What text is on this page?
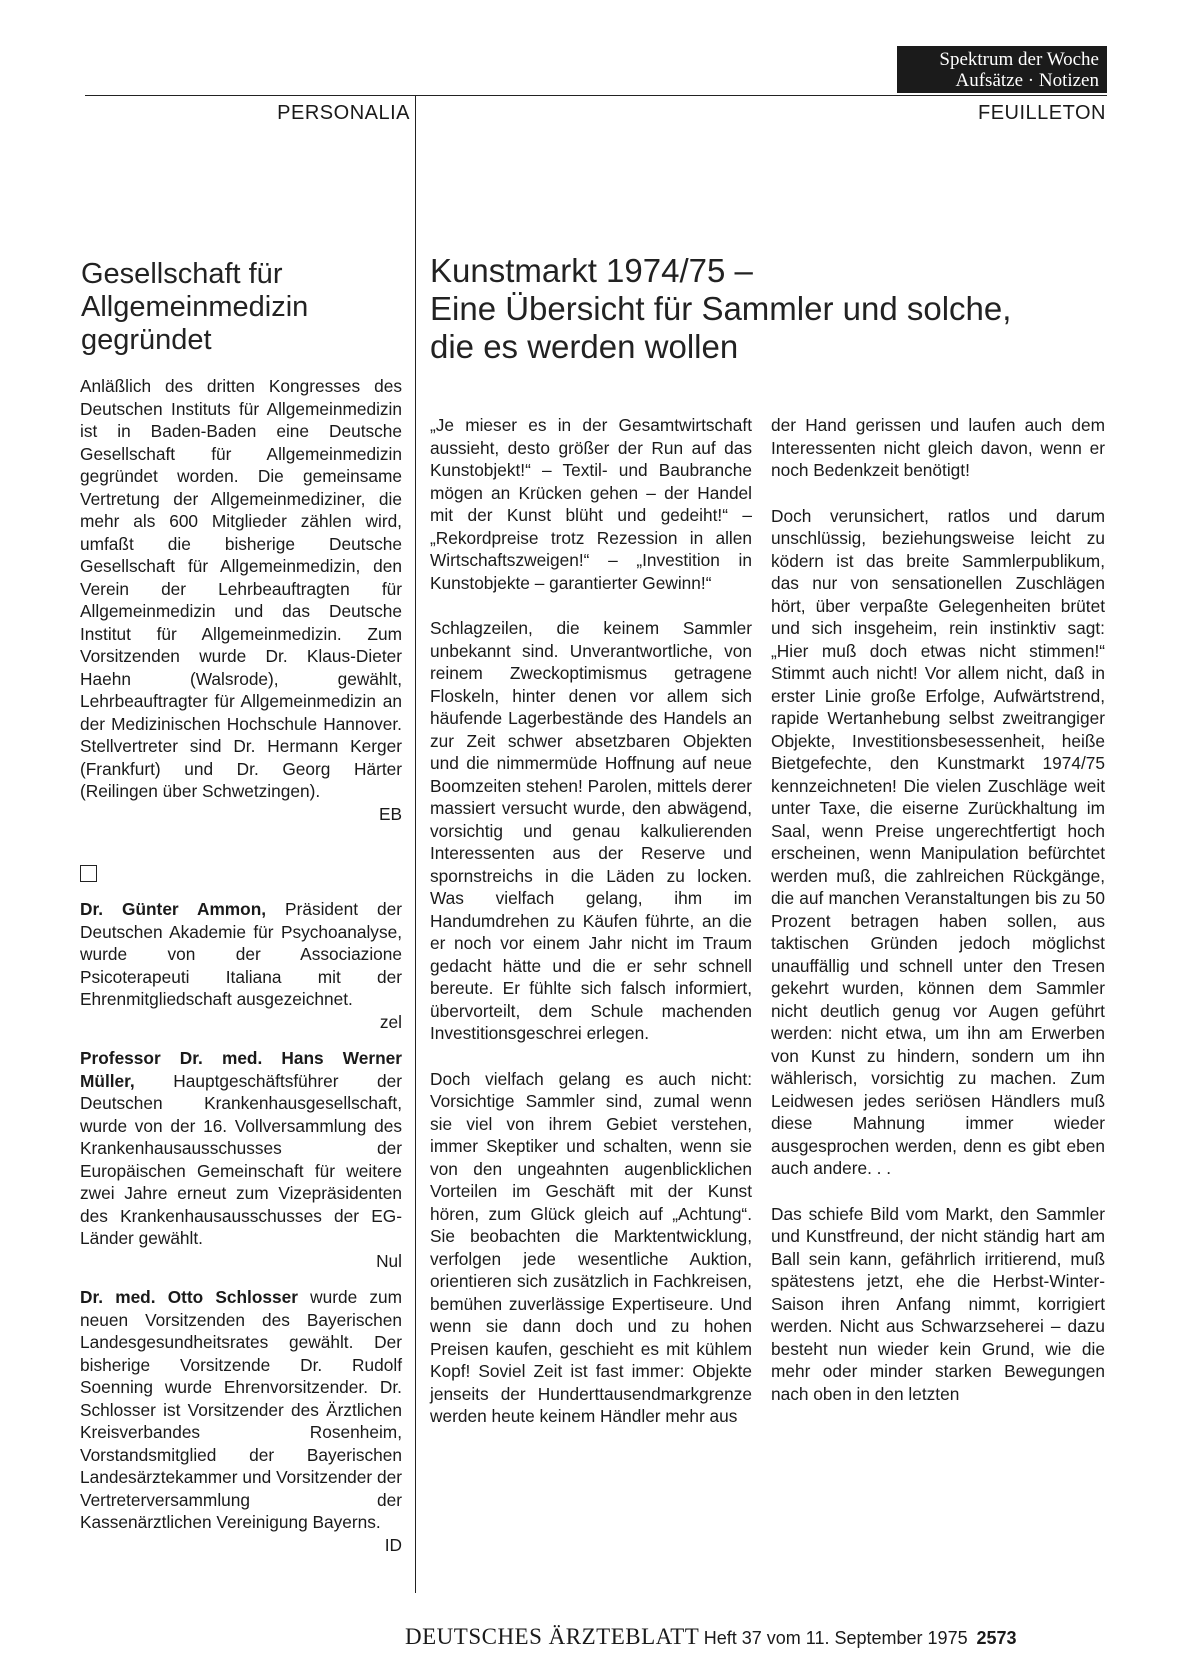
Spektrum der Woche
Aufsätze · Notizen
PERSONALIA	FEUILLETON
Gesellschaft für Allgemeinmedizin gegründet

Anläßlich des dritten Kongresses des Deutschen Instituts für Allgemeinmedizin ist in Baden-Baden eine Deutsche Gesellschaft für Allgemeinmedizin gegründet worden. Die gemeinsame Vertretung der Allgemeinmediziner, die mehr als 600 Mitglieder zählen wird, umfaßt die bisherige Deutsche Gesellschaft für Allgemeinmedizin, den Verein der Lehrbeauftragten für Allgemeinmedizin und das Deutsche Institut für Allgemeinmedizin. Zum Vorsitzenden wurde Dr. Klaus-Dieter Haehn (Walsrode), gewählt, Lehrbeauftragter für Allgemeinmedizin an der Medizinischen Hochschule Hannover. Stellvertreter sind Dr. Hermann Kerger (Frankfurt) und Dr. Georg Härter (Reilingen über Schwetzingen).

EB

Dr. Günter Ammon, Präsident der Deutschen Akademie für Psychoanalyse, wurde von der Associazione Psicoterapeuti Italiana mit der Ehrenmitgliedschaft ausgezeichnet.

zel

Professor Dr. med. Hans Werner Müller, Hauptgeschäftsführer der Deutschen Krankenhausgesellschaft, wurde von der 16. Vollversammlung des Krankenhausausschusses der Europäischen Gemeinschaft für weitere zwei Jahre erneut zum Vizepräsidenten des Krankenhausausschusses der EG-Länder gewählt.

Nul

Dr. med. Otto Schlosser wurde zum neuen Vorsitzenden des Bayerischen Landesgesundheitsrates gewählt. Der bisherige Vorsitzende Dr. Rudolf Soenning wurde Ehrenvorsitzender. Dr. Schlosser ist Vorsitzender des Ärztlichen Kreisverbandes Rosenheim, Vorstandsmitglied der Bayerischen Landesärztekammer und Vorsitzender der Vertreterversammlung der Kassenärztlichen Vereinigung Bayerns.

ID
Kunstmarkt 1974/75 –
Eine Übersicht für Sammler und solche,
die es werden wollen

„Je mieser es in der Gesamtwirtschaft aussieht, desto größer der Run auf das Kunstobjekt!“ – Textil- und Baubranche mögen an Krücken gehen – der Handel mit der Kunst blüht und gedeiht!“ – „Rekordpreise trotz Rezession in allen Wirtschaftszweigen!“ – „Investition in Kunstobjekte – garantierter Gewinn!“

Schlagzeilen, die keinem Sammler unbekannt sind. Unverantwortliche, von reinem Zweckoptimismus getragene Floskeln, hinter denen vor allem sich häufende Lagerbestände des Handels an zur Zeit schwer absetzbaren Objekten und die nimmermüde Hoffnung auf neue Boomzeiten stehen! Parolen, mittels derer massiert versucht wurde, den abwägend, vorsichtig und genau kalkulierenden Interessenten aus der Reserve und spornstreichs in die Läden zu locken. Was vielfach gelang, ihm im Handumdrehen zu Käufen führte, an die er noch vor einem Jahr nicht im Traum gedacht hätte und die er sehr schnell bereute. Er fühlte sich falsch informiert, übervorteilt, dem Schule machenden Investitionsgeschrei erlegen.

Doch vielfach gelang es auch nicht: Vorsichtige Sammler sind, zumal wenn sie viel von ihrem Gebiet verstehen, immer Skeptiker und schalten, wenn sie von den ungeahnten augenblicklichen Vorteilen im Geschäft mit der Kunst hören, zum Glück gleich auf „Achtung“. Sie beobachten die Marktentwicklung, verfolgen jede wesentliche Auktion, orientieren sich zusätzlich in Fachkreisen, bemühen zuverlässige Expertiseure. Und wenn sie dann doch und zu hohen Preisen kaufen, geschieht es mit kühlem Kopf! Soviel Zeit ist fast immer: Objekte jenseits der Hunderttausendmarkgrenze werden heute keinem Händler mehr aus

der Hand gerissen und laufen auch dem Interessenten nicht gleich davon, wenn er noch Bedenkzeit benötigt!

Doch verunsichert, ratlos und darum unschlüssig, beziehungsweise leicht zu ködern ist das breite Sammlerpublikum, das nur von sensationellen Zuschlägen hört, über verpaßte Gelegenheiten brütet und sich insgeheim, rein instinktiv sagt: „Hier muß doch etwas nicht stimmen!“ Stimmt auch nicht! Vor allem nicht, daß in erster Linie große Erfolge, Aufwärtstrend, rapide Wertanhebung selbst zweitrangiger Objekte, Investitionsbesessenheit, heiße Bietgefechte, den Kunstmarkt 1974/75 kennzeichneten! Die vielen Zuschläge weit unter Taxe, die eiserne Zurückhaltung im Saal, wenn Preise ungerechtfertigt hoch erscheinen, wenn Manipulation befürchtet werden muß, die zahlreichen Rückgänge, die auf manchen Veranstaltungen bis zu 50 Prozent betragen haben sollen, aus taktischen Gründen jedoch möglichst unauffällig und schnell unter den Tresen gekehrt wurden, können dem Sammler nicht deutlich genug vor Augen geführt werden: nicht etwa, um ihn am Erwerben von Kunst zu hindern, sondern um ihn wählerisch, vorsichtig zu machen. Zum Leidwesen jedes seriösen Händlers muß diese Mahnung immer wieder ausgesprochen werden, denn es gibt eben auch andere. . .

Das schiefe Bild vom Markt, den Sammler und Kunstfreund, der nicht ständig hart am Ball sein kann, gefährlich irritierend, muß spätestens jetzt, ehe die Herbst-Winter-Saison ihren Anfang nimmt, korrigiert werden. Nicht aus Schwarzseherei – dazu besteht nun wieder kein Grund, wie die mehr oder minder starken Bewegungen nach oben in den letzten

DEUTSCHES ÄRZTEBLATT Heft 37 vom 11. September 1975 2573
